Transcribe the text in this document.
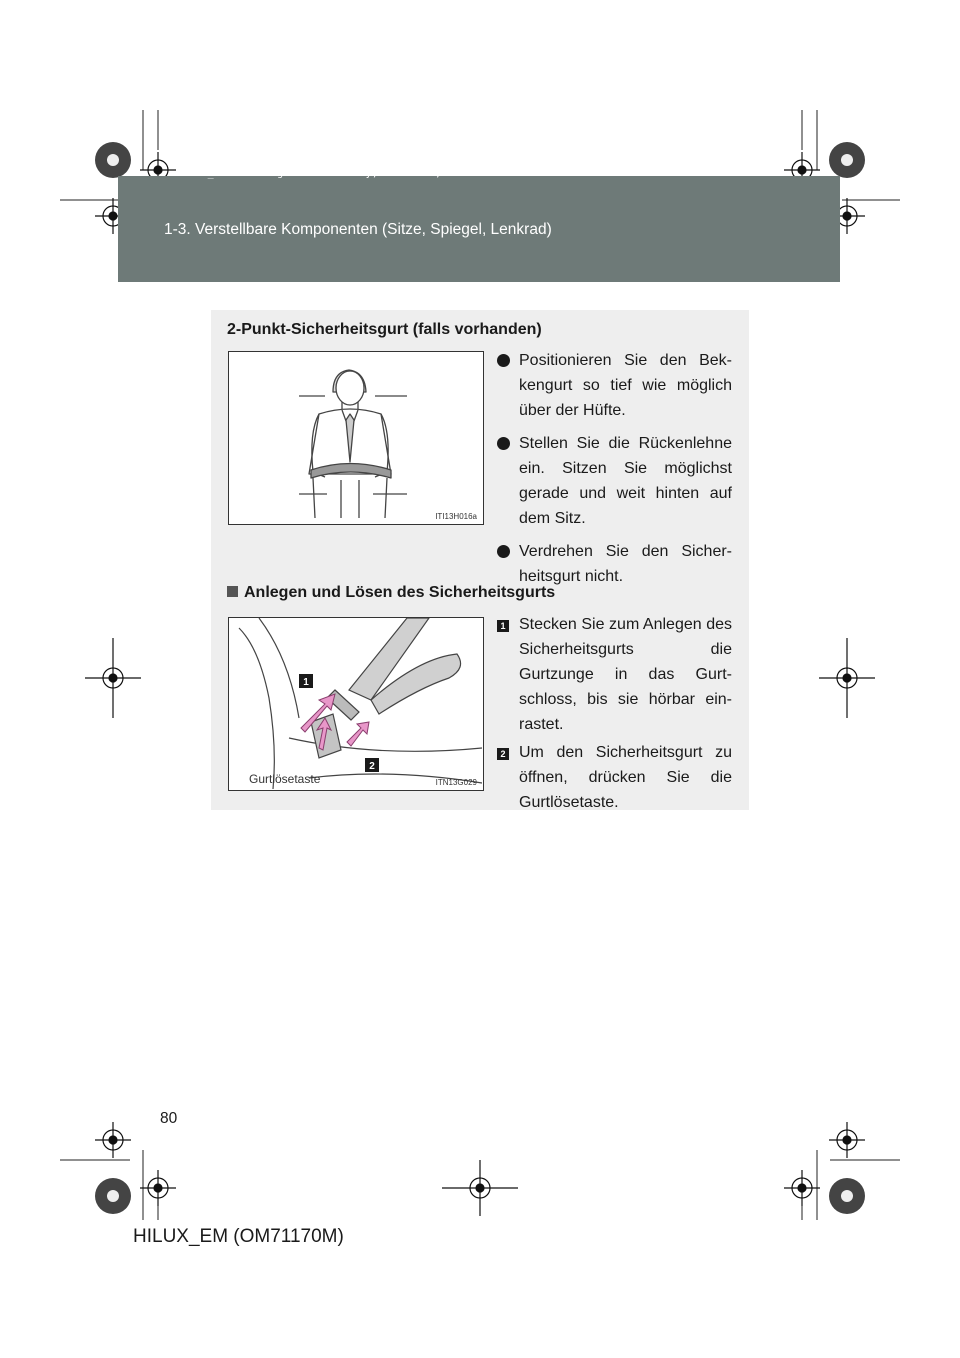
HILUX_EM.book Page 80 Wednesday, March 23, 2011 2:48 PM
1-3. Verstellbare Komponenten (Sitze, Spiegel, Lenkrad)
2-Punkt-Sicherheitsgurt (falls vorhanden)
ITI13H016a
Positionieren Sie den Bek-kengurt so tief wie möglich über der Hüfte.
Stellen Sie die Rückenlehne ein. Sitzen Sie möglichst gerade und weit hinten auf dem Sitz.
Verdrehen Sie den Sicher-heitsgurt nicht.
Anlegen und Lösen des Sicherheitsgurts
1
2
Gurtlösetaste	ITN13G029
1 Stecken Sie zum Anlegen des Sicherheitsgurts die Gurtzunge in das Gurt-schloss, bis sie hörbar ein-rastet.
2 Um den Sicherheitsgurt zu öffnen, drücken Sie die Gurtlösetaste.
80
HILUX_EM (OM71170M)
